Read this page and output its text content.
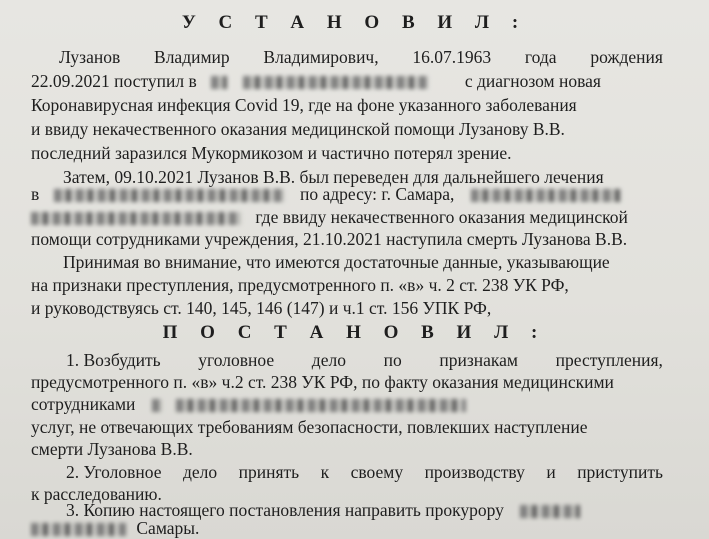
У С Т А Н О В И Л :
Лузанов Владимир Владимирович, 16.07.1963 года рождения
22.09.2021 поступил в	с диагнозом новая
Коронавирусная инфекция Covid 19, где на фоне указанного заболевания
и ввиду некачественного оказания медицинской помощи Лузанову В.В.
последний заразился Мукормикозом и частично потерял зрение.
Затем, 09.10.2021 Лузанов В.В. был переведен для дальнейшего лечения
в	по адресу: г. Самара,
где ввиду некачественного оказания медицинской
помощи сотрудниками учреждения, 21.10.2021 наступила смерть Лузанова В.В.
Принимая во внимание, что имеются достаточные данные, указывающие
на признаки преступления, предусмотренного п. «в» ч. 2 ст. 238 УК РФ,
и руководствуясь ст. 140, 145, 146 (147) и ч.1 ст. 156 УПК РФ,
П О С Т А Н О В И Л :
1. Возбудить уголовное дело по признакам преступления,
предусмотренного п. «в» ч.2 ст. 238 УК РФ, по факту оказания медицинскими
сотрудниками
услуг, не отвечающих требованиям безопасности, повлекших наступление
смерти Лузанова В.В.
2. Уголовное дело принять к своему производству и приступить
к расследованию.
3. Копию настоящего постановления направить прокурору
Самары.
